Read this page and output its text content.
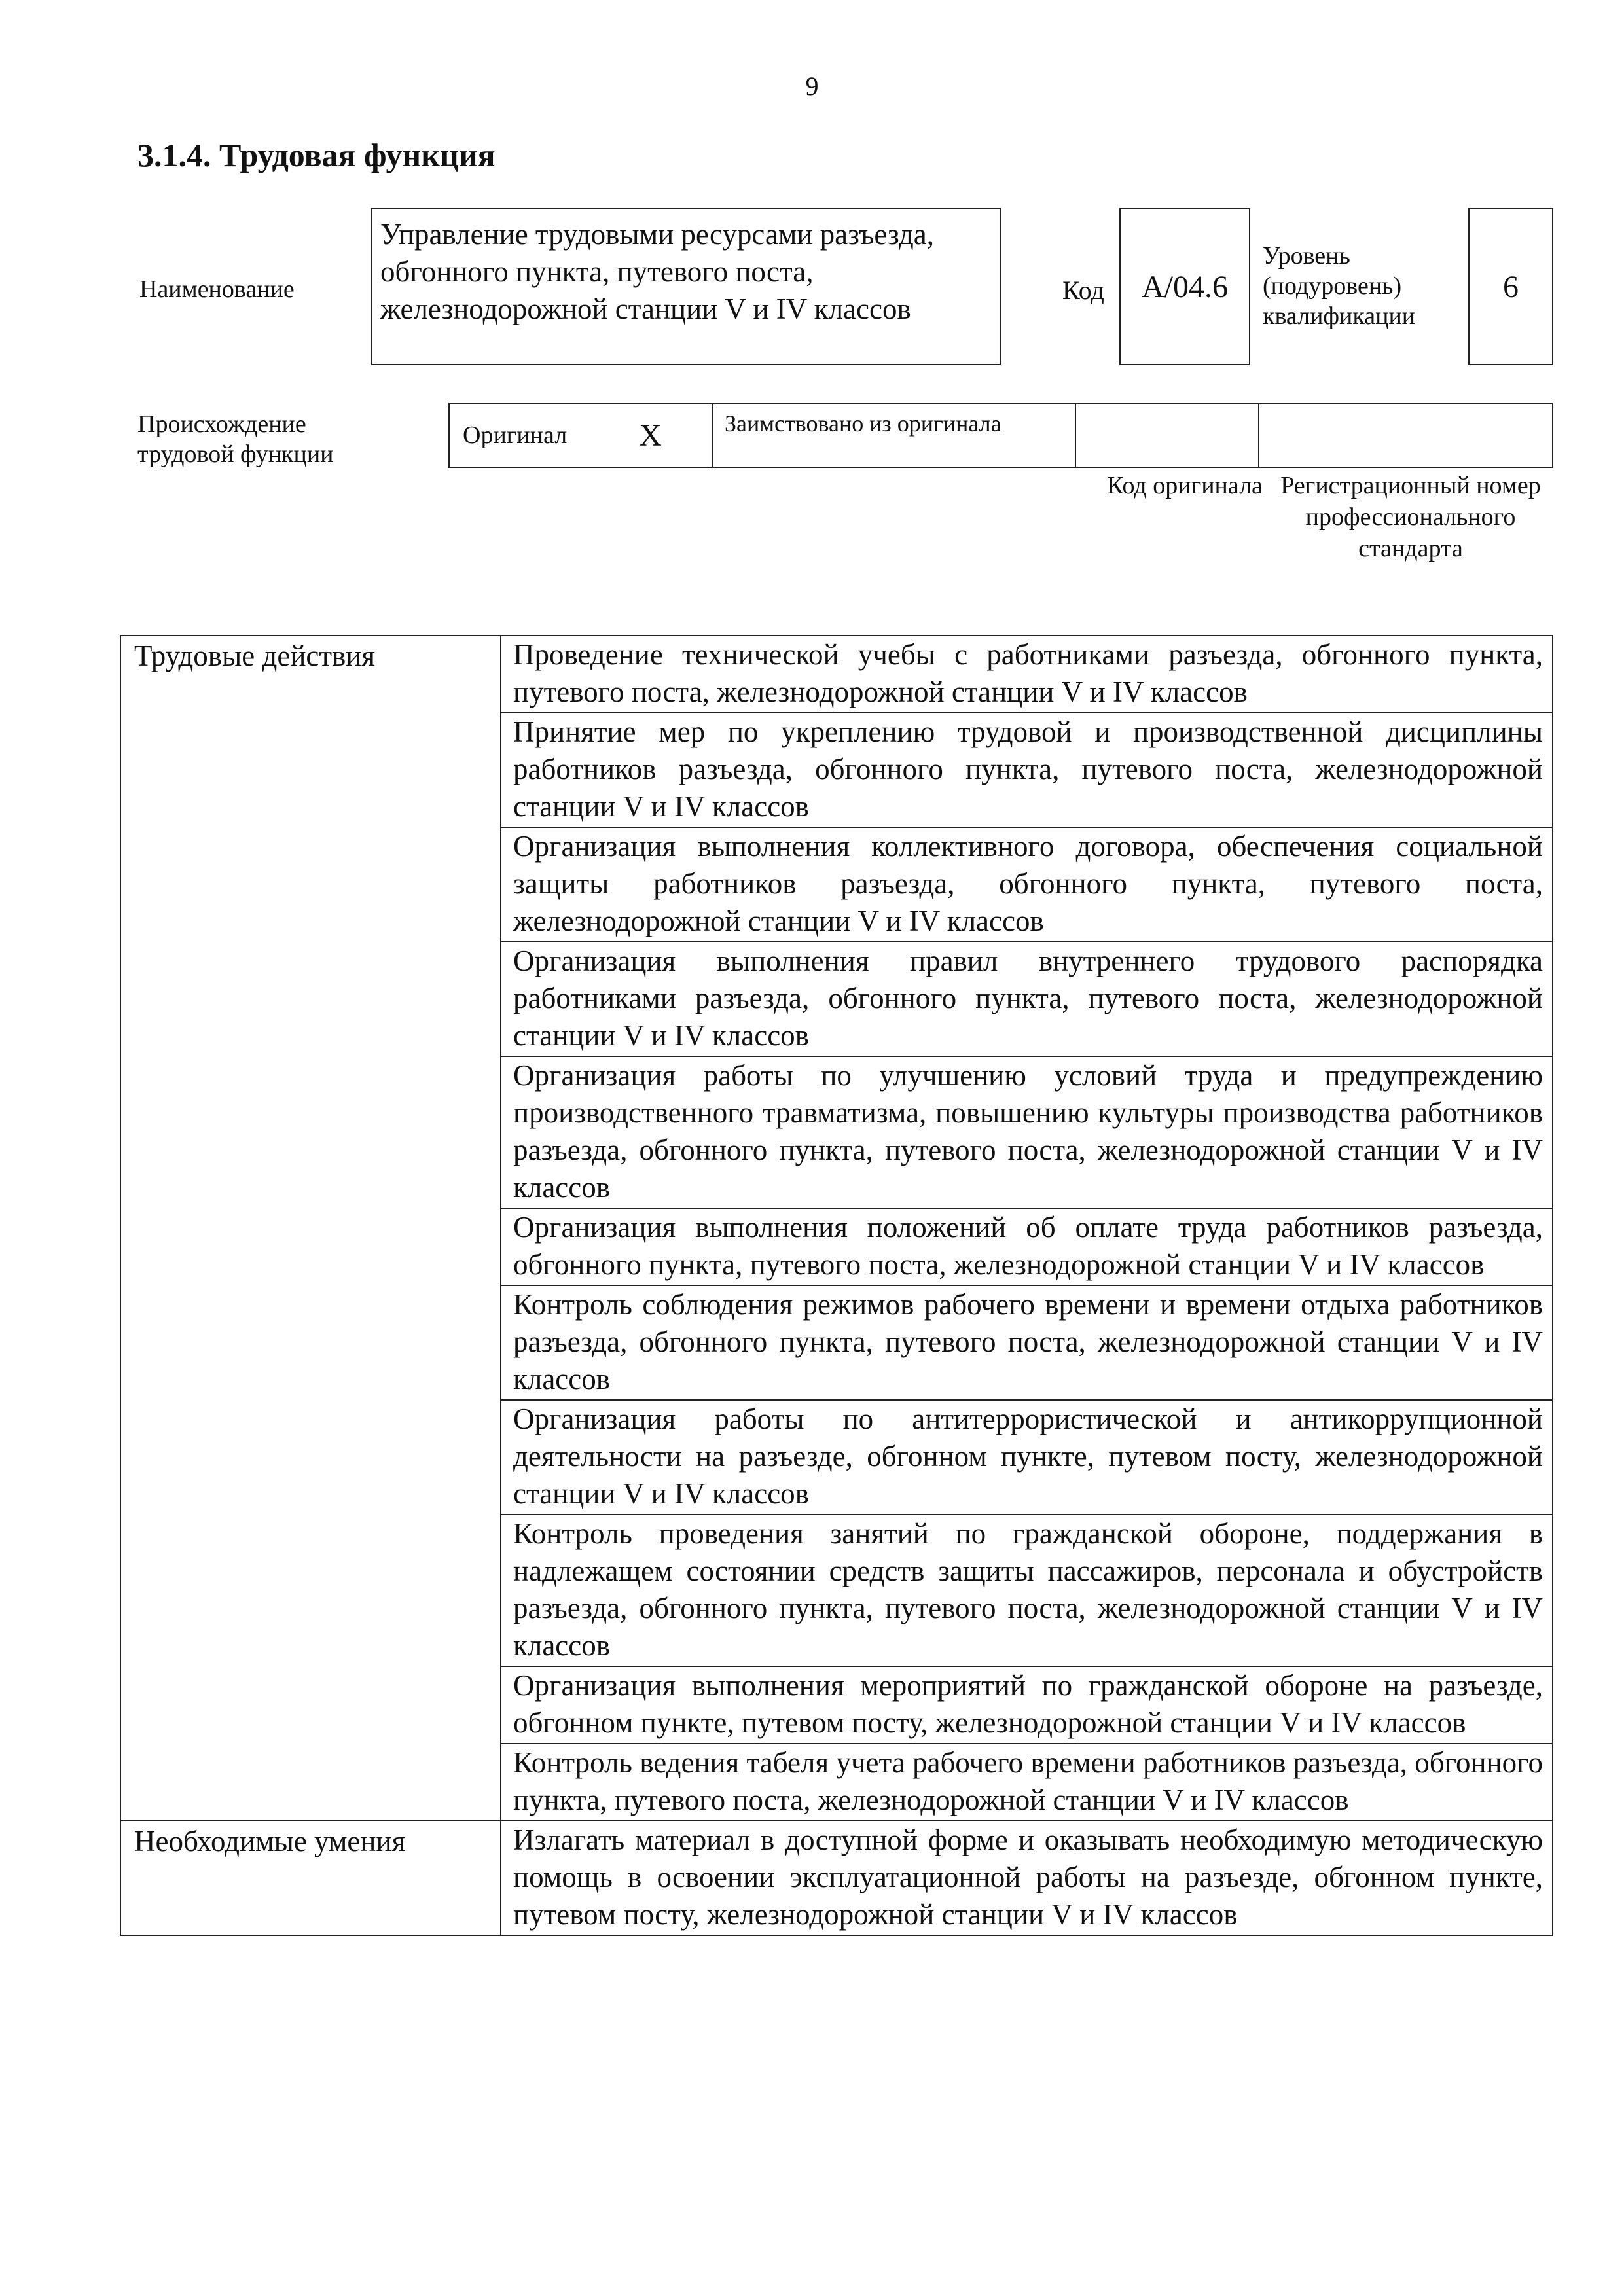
9
3.1.4. Трудовая функция
Наименование
Управление трудовыми ресурсами разъезда, обгонного пункта, путевого поста, железнодорожной станции V и IV классов
Код А/04.6
Уровень (подуровень) квалификации
6
Происхождение трудовой функции
Оригинал X	Заимствовано из оригинала
Код оригинала Регистрационный номер профессионального стандарта
Трудовые действия	Проведение технической учебы с работниками разъезда, обгонного пункта, путевого поста, железнодорожной станции V и IV классов
	Принятие мер по укреплению трудовой и производственной дисциплины работников разъезда, обгонного пункта, путевого поста, железнодорожной станции V и IV классов
	Организация выполнения коллективного договора, обеспечения социальной защиты работников разъезда, обгонного пункта, путевого поста, железнодорожной станции V и IV классов
	Организация выполнения правил внутреннего трудового распорядка работниками разъезда, обгонного пункта, путевого поста, железнодорожной станции V и IV классов
	Организация работы по улучшению условий труда и предупреждению производственного травматизма, повышению культуры производства работников разъезда, обгонного пункта, путевого поста, железнодорожной станции V и IV классов
	Организация выполнения положений об оплате труда работников разъезда, обгонного пункта, путевого поста, железнодорожной станции V и IV классов
	Контроль соблюдения режимов рабочего времени и времени отдыха работников разъезда, обгонного пункта, путевого поста, железнодорожной станции V и IV классов
	Организация работы по антитеррористической и антикоррупционной деятельности на разъезде, обгонном пункте, путевом посту, железнодорожной станции V и IV классов
	Контроль проведения занятий по гражданской обороне, поддержания в надлежащем состоянии средств защиты пассажиров, персонала и обустройств разъезда, обгонного пункта, путевого поста, железнодорожной станции V и IV классов
	Организация выполнения мероприятий по гражданской обороне на разъезде, обгонном пункте, путевом посту, железнодорожной станции V и IV классов
	Контроль ведения табеля учета рабочего времени работников разъезда, обгонного пункта, путевого поста, железнодорожной станции V и IV классов
Необходимые умения	Излагать материал в доступной форме и оказывать необходимую методическую помощь в освоении эксплуатационной работы на разъезде, обгонном пункте, путевом посту, железнодорожной станции V и IV классов
